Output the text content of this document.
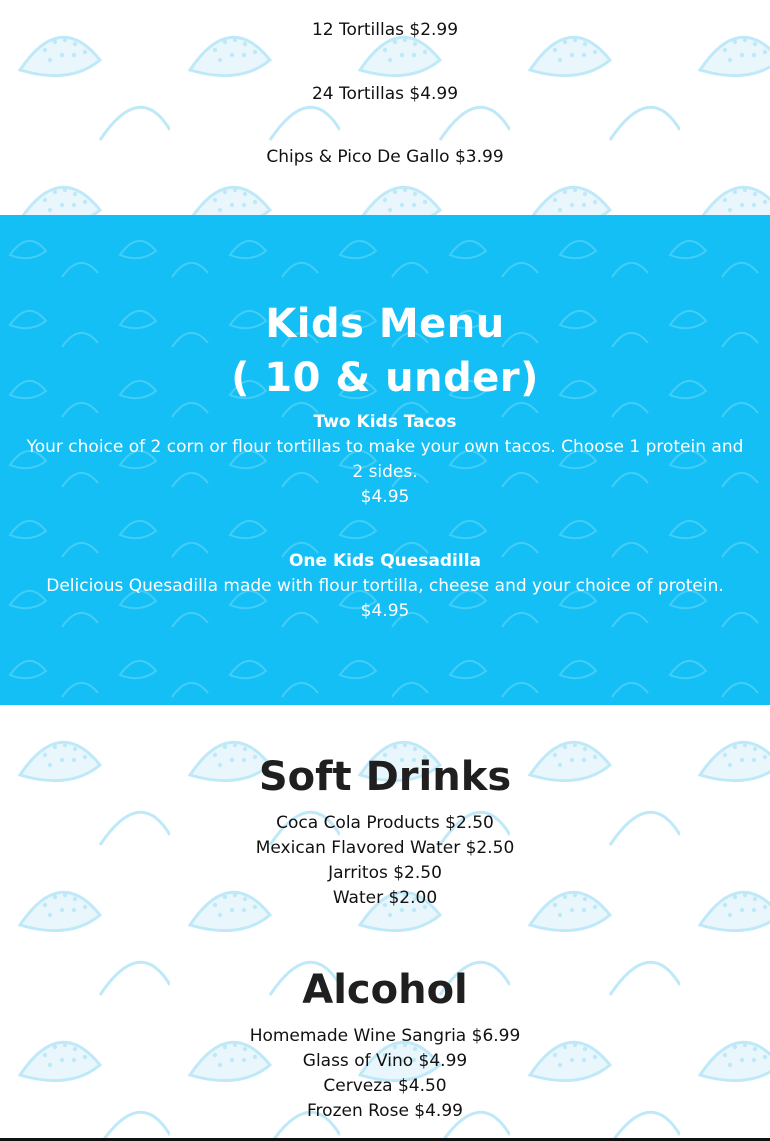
12 Tortillas $2.99
24 Tortillas $4.99
Chips & Pico De Gallo $3.99
Kids Menu
( 10 & under)
Two Kids Tacos
Your choice of 2 corn or flour tortillas to make your own tacos. Choose 1 protein and 2 sides.
$4.95
One Kids Quesadilla
Delicious Quesadilla made with flour tortilla, cheese and your choice of protein.
$4.95
Soft Drinks
Coca Cola Products $2.50
Mexican Flavored Water $2.50
Jarritos $2.50
Water $2.00
Alcohol
Homemade Wine Sangria $6.99
Glass of Vino $4.99
Cerveza $4.50
Frozen Rose $4.99
